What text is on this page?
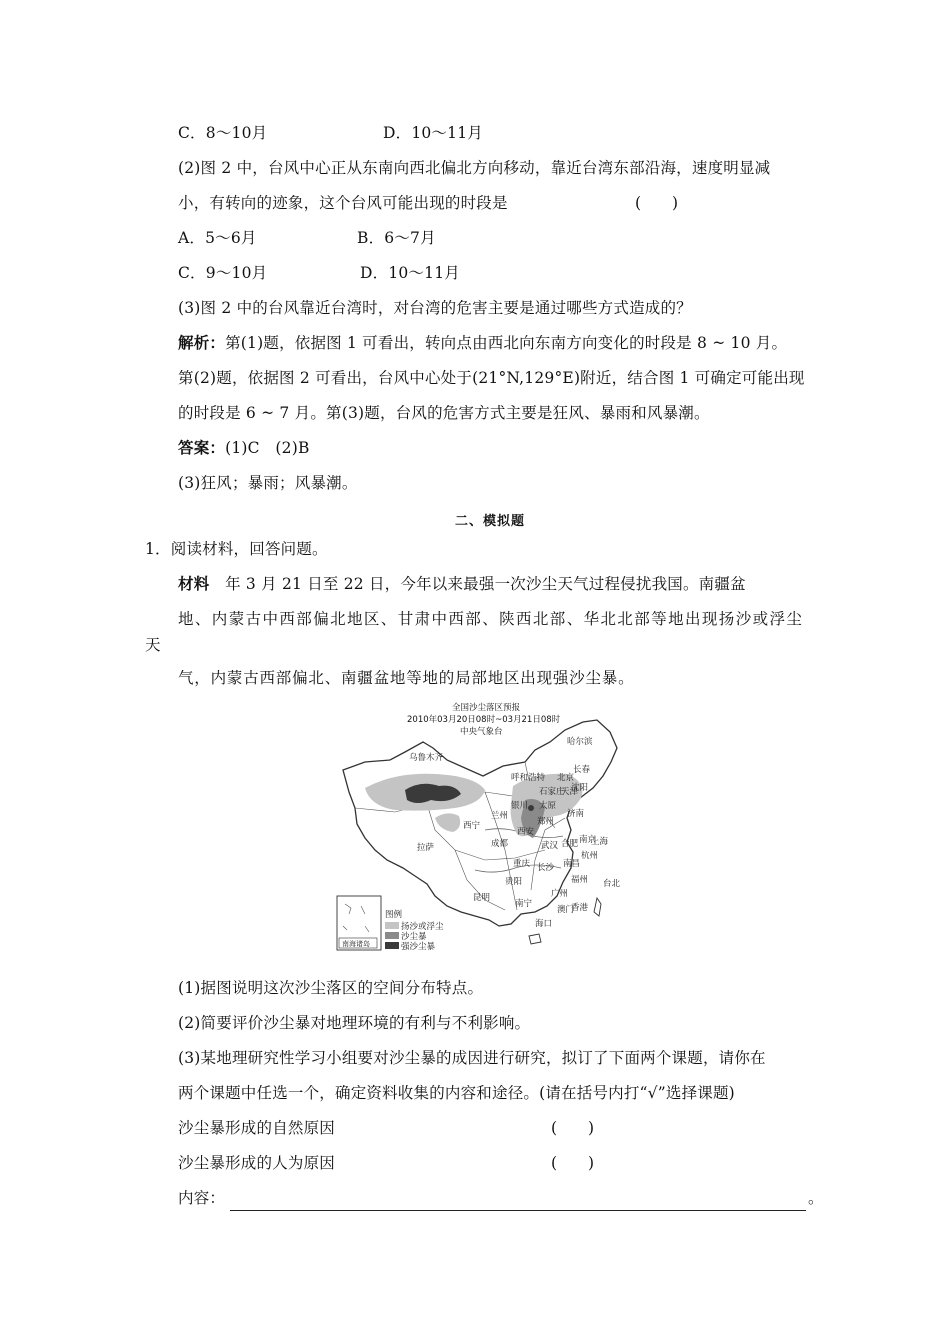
C．8～10月	D．10～11月
(2)图 2 中，台风中心正从东南向西北偏北方向移动，靠近台湾东部沿海，速度明显减
小，有转向的迹象，这个台风可能出现的时段是	(　　)
A．5～6月	B．6～7月
C．9～10月	D．10～11月
(3)图 2 中的台风靠近台湾时，对台湾的危害主要是通过哪些方式造成的？
解析：第(1)题，依据图 1 可看出，转向点由西北向东南方向变化的时段是 8 ~ 10 月。
第(2)题，依据图 2 可看出，台风中心处于(21°N,129°E)附近，结合图 1 可确定可能出现
的时段是 6 ~ 7 月。第(3)题，台风的危害方式主要是狂风、暴雨和风暴潮。
答案：(1)C　(2)B
(3)狂风；暴雨；风暴潮。
二、模拟题
1．阅读材料，回答问题。
材料　年 3 月 21 日至 22 日，今年以来最强一次沙尘天气过程侵扰我国。南疆盆
地、内蒙古中西部偏北地区、甘肃中西部、陕西北部、华北北部等地出现扬沙或浮尘
天
气，内蒙古西部偏北、南疆盆地等地的局部地区出现强沙尘暴。
全国沙尘落区预报
2010年03月20日08时~03月21日08时
中央气象台
哈尔滨
长春
沈阳
乌鲁木齐
呼和浩特 北京
石家庄
天津
银川 太原
济南
西宁
兰州
西安
郑州
拉萨	成都	武汉 合肥 南京
上海
杭州
重庆 长沙 南昌
贵阳	福州 台北
昆明
南宁
广州
澳门
香港
海口
南海诸岛
图例
扬沙或浮尘
沙尘暴
强沙尘暴
(1)据图说明这次沙尘落区的空间分布特点。
(2)简要评价沙尘暴对地理环境的有利与不利影响。
(3)某地理研究性学习小组要对沙尘暴的成因进行研究，拟订了下面两个课题，请你在
两个课题中任选一个，确定资料收集的内容和途径。(请在括号内打“√”选择课题)
沙尘暴形成的自然原因	(　　)
沙尘暴形成的人为原因	(　　)
内容：	。
